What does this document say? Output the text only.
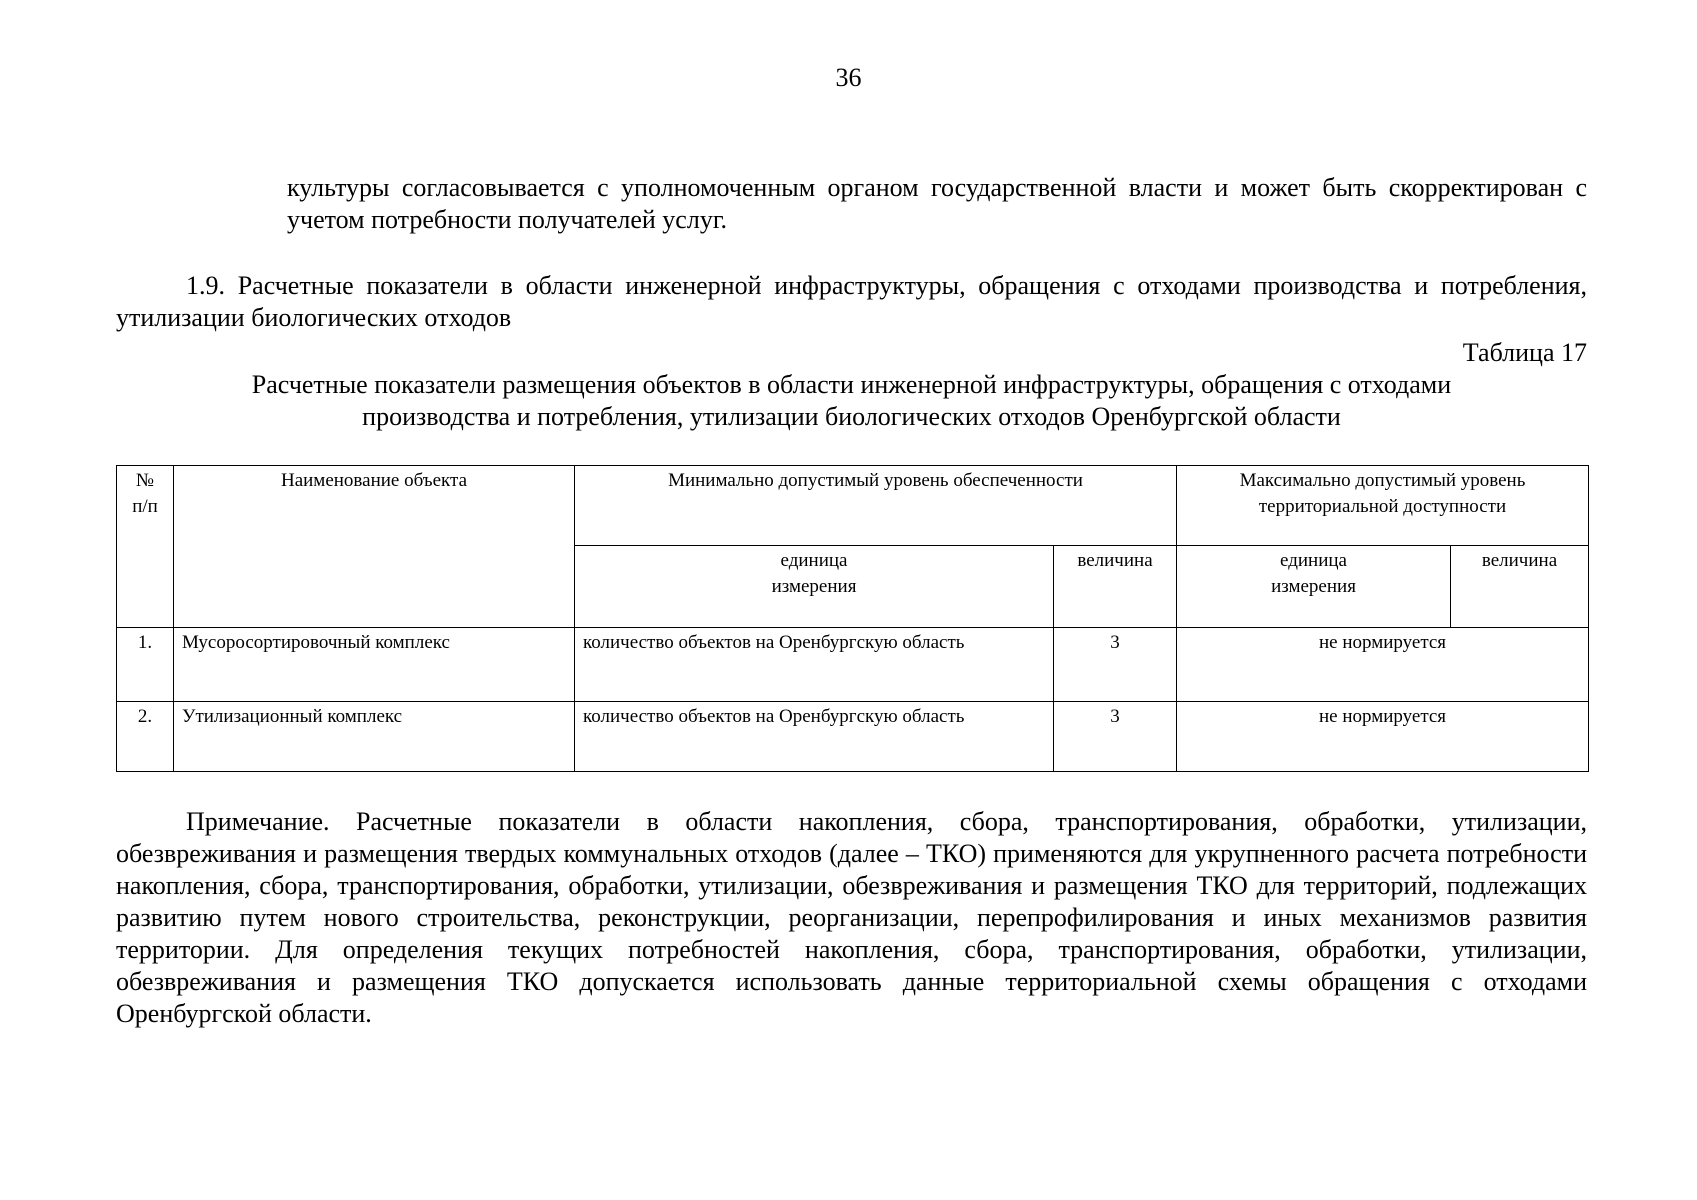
36

культуры согласовывается с уполномоченным органом государственной власти и может быть скорректирован с учетом потребности получателей услуг.

1.9. Расчетные показатели в области инженерной инфраструктуры, обращения с отходами производства и потребления, утилизации биологических отходов

Таблица 17
Расчетные показатели размещения объектов в области инженерной инфраструктуры, обращения с отходами
производства и потребления, утилизации биологических отходов Оренбургской области
№ п/п	Наименование объекта	Минимально допустимый уровень обеспеченности		Максимально допустимый уровень территориальной доступности	

		единица измерения	величина	единица измерения	величина
1.	Мусоросортировочный комплекс	количество объектов на Оренбургскую область	3	не нормируется	
2.	Утилизационный комплекс	количество объектов на Оренбургскую область	3	не нормируется	

Примечание. Расчетные показатели в области накопления, сбора, транспортирования, обработки, утилизации, обезвреживания и размещения твердых коммунальных отходов (далее – ТКО) применяются для укрупненного расчета потребности накопления, сбора, транспортирования, обработки, утилизации, обезвреживания и размещения ТКО для территорий, подлежащих развитию путем нового строительства, реконструкции, реорганизации, перепрофилирования и иных механизмов развития территории. Для определения текущих потребностей накопления, сбора, транспортирования, обработки, утилизации, обезвреживания и размещения ТКО допускается использовать данные территориальной схемы обращения с отходами Оренбургской области.
